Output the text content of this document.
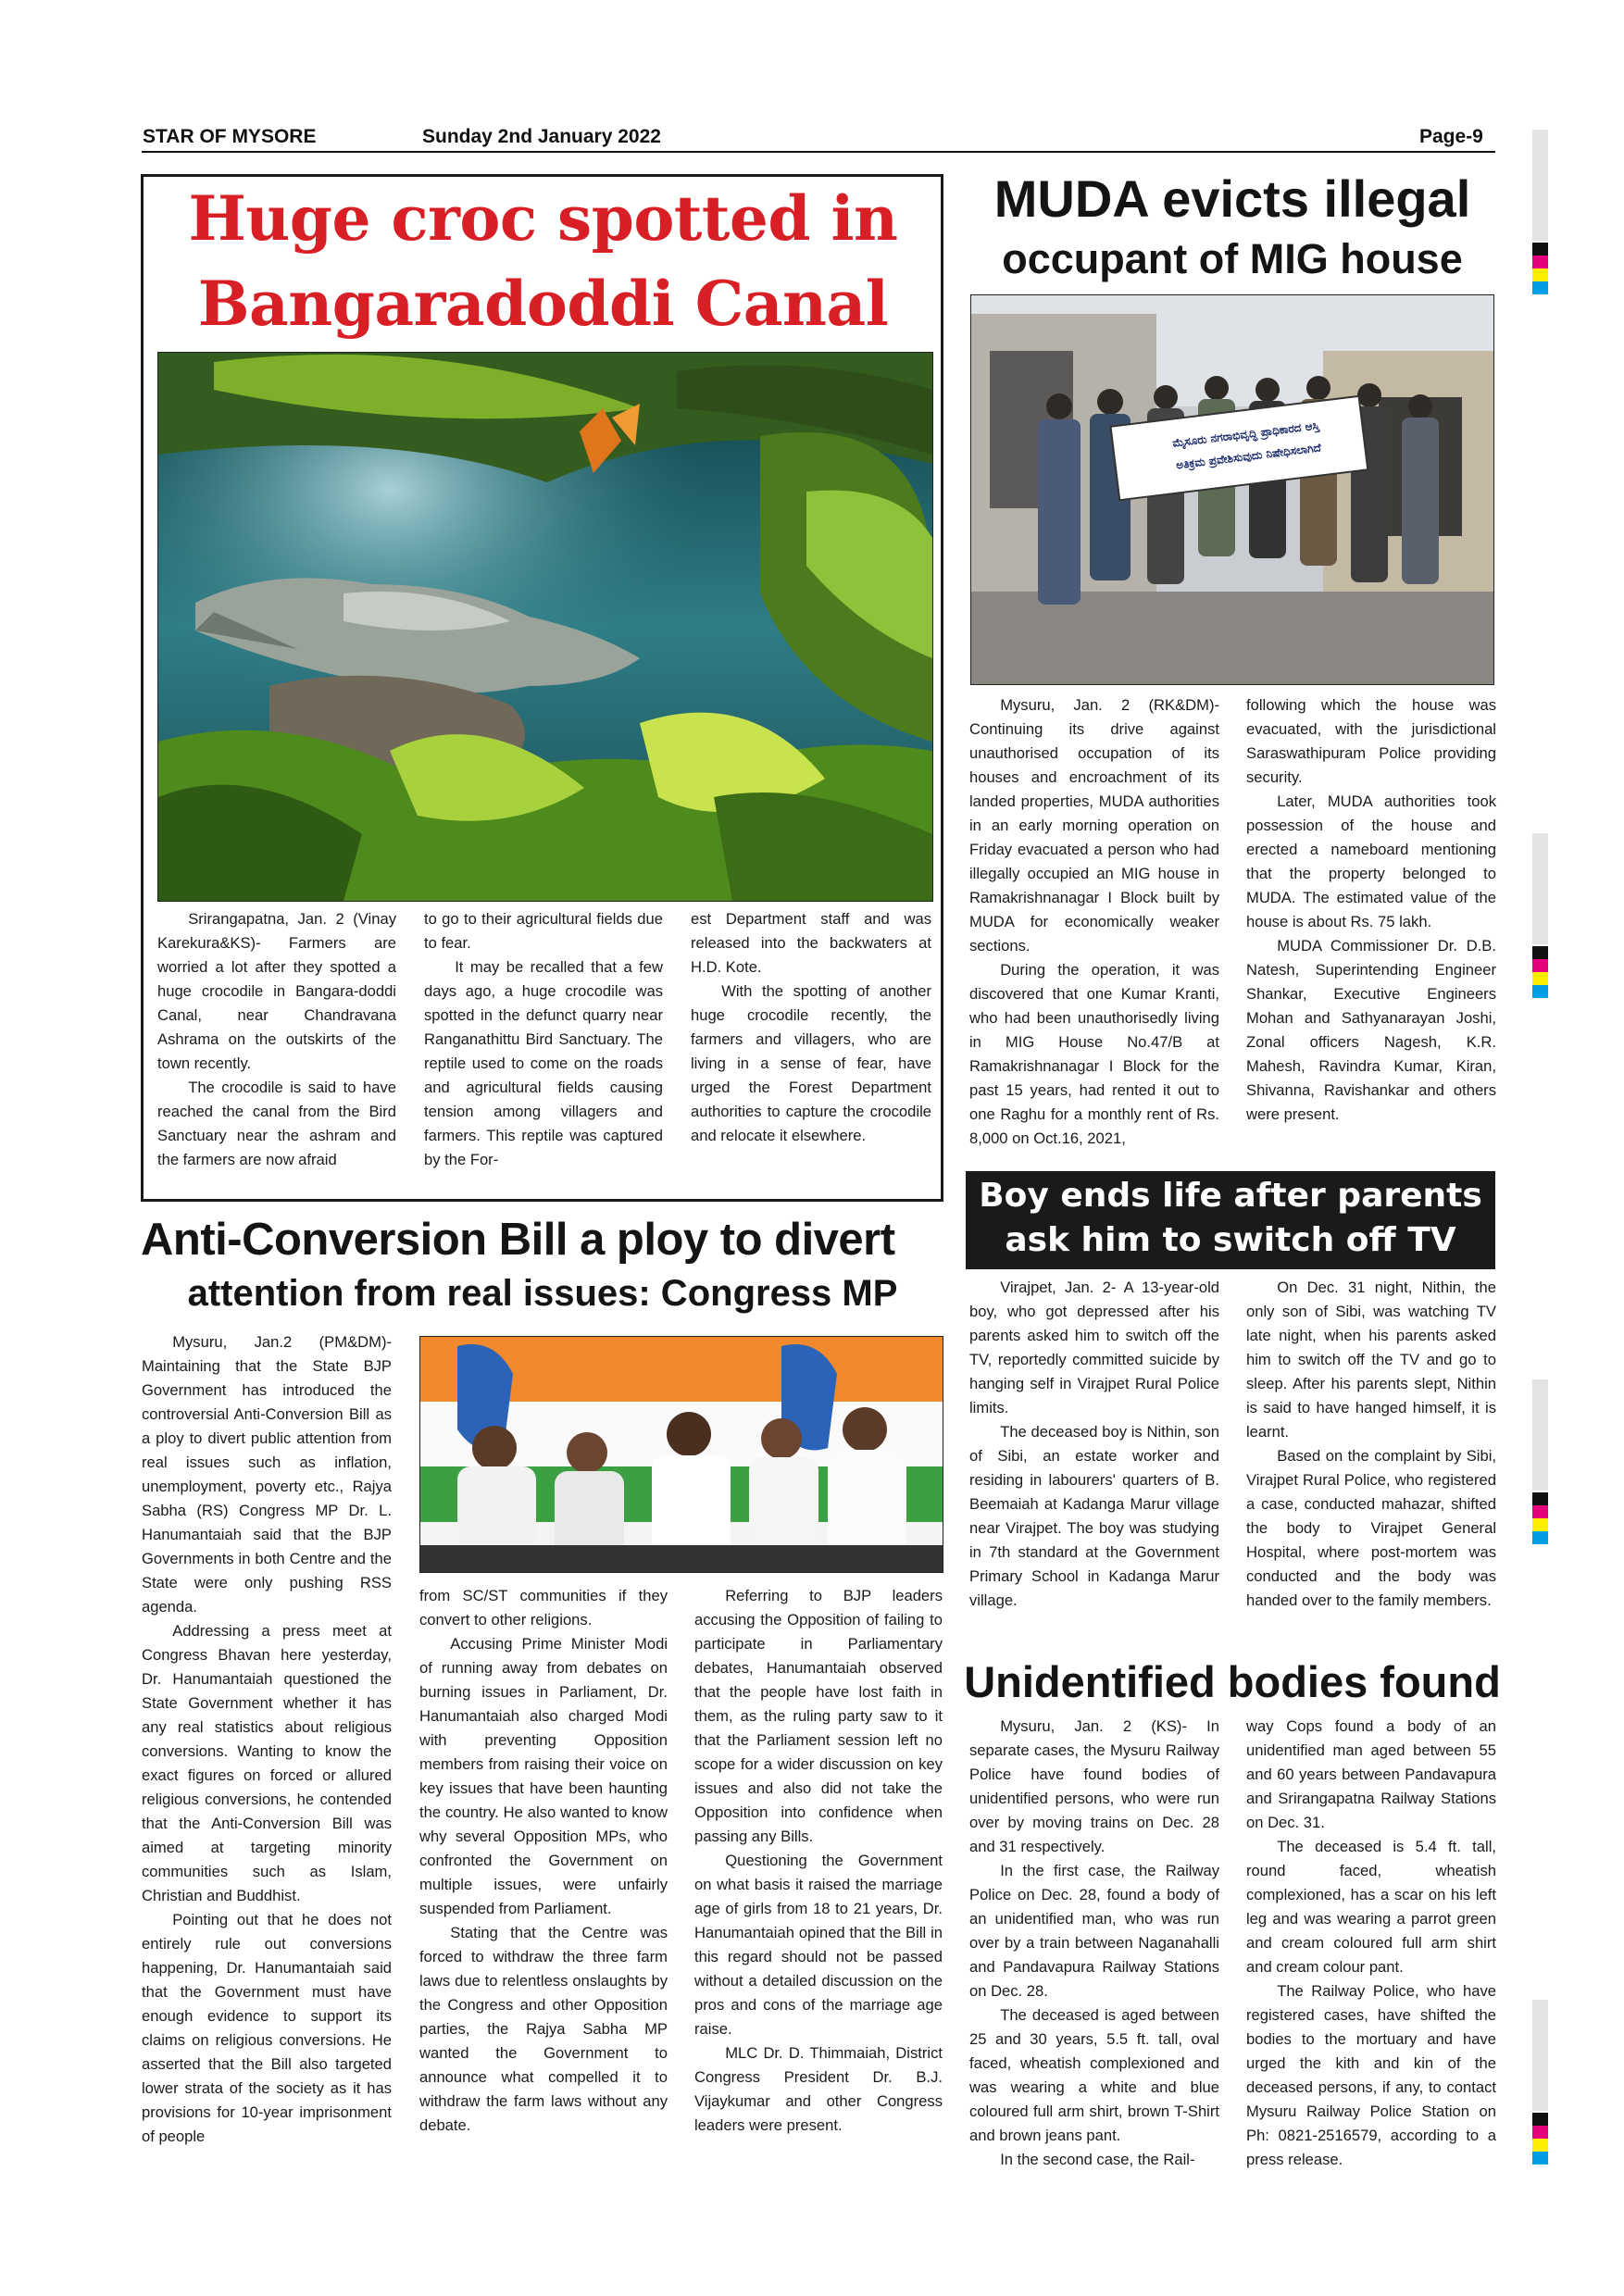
STAR OF MYSORE	Sunday 2nd January 2022	Page-9
Huge croc spotted in
Bangaradoddi Canal

Srirangapatna, Jan. 2 (Vinay Karekura&KS)- Farmers are worried a lot after they spotted a huge crocodile in Bangara-doddi Canal, near Chandravana Ashrama on the outskirts of the town recently.

The crocodile is said to have reached the canal from the Bird Sanctuary near the ashram and the farmers are now afraid

to go to their agricultural fields due to fear.

It may be recalled that a few days ago, a huge crocodile was spotted in the defunct quarry near Ranganathittu Bird Sanctuary. The reptile used to come on the roads and agricultural fields causing tension among villagers and farmers. This reptile was captured by the For-

est Department staff and was released into the backwaters at H.D. Kote.

With the spotting of another huge crocodile recently, the farmers and villagers, who are living in a sense of fear, have urged the Forest Department authorities to capture the crocodile and relocate it elsewhere.

MUDA evicts illegal
occupant of MIG house
ಮೈಸೂರು ನಗರಾಭಿವೃದ್ಧಿ ಪ್ರಾಧಿಕಾರದ ಆಸ್ತಿ
ಅತಿಕ್ರಮ ಪ್ರವೇಶಿಸುವುದು ನಿಷೇಧಿಸಲಾಗಿದೆ

Mysuru, Jan. 2 (RK&DM)- Continuing its drive against unauthorised occupation of its houses and encroachment of its landed properties, MUDA authorities in an early morning operation on Friday evacuated a person who had illegally occupied an MIG house in Ramakrishnanagar I Block built by MUDA for economically weaker sections.

During the operation, it was discovered that one Kumar Kranti, who had been unauthorisedly living in MIG House No.47/B at Ramakrishnanagar I Block for the past 15 years, had rented it out to one Raghu for a monthly rent of Rs. 8,000 on Oct.16, 2021,

following which the house was evacuated, with the jurisdictional Saraswathipuram Police providing security.

Later, MUDA authorities took possession of the house and erected a nameboard mentioning that the property belonged to MUDA. The estimated value of the house is about Rs. 75 lakh.

MUDA Commissioner Dr. D.B. Natesh, Superintending Engineer Shankar, Executive Engineers Mohan and Sathyanarayan Joshi, Zonal officers Nagesh, K.R. Mahesh, Ravindra Kumar, Kiran, Shivanna, Ravishankar and others were present.

Boy ends life after parents
ask him to switch off TV

Virajpet, Jan. 2- A 13-year-old boy, who got depressed after his parents asked him to switch off the TV, reportedly committed suicide by hanging self in Virajpet Rural Police limits.

The deceased boy is Nithin, son of Sibi, an estate worker and residing in labourers' quarters of B. Beemaiah at Kadanga Marur village near Virajpet. The boy was studying in 7th standard at the Government Primary School in Kadanga Marur village.

On Dec. 31 night, Nithin, the only son of Sibi, was watching TV late night, when his parents asked him to switch off the TV and go to sleep. After his parents slept, Nithin is said to have hanged himself, it is learnt.

Based on the complaint by Sibi, Virajpet Rural Police, who registered a case, conducted mahazar, shifted the body to Virajpet General Hospital, where post-mortem was conducted and the body was handed over to the family members.

Anti-Conversion Bill a ploy to divert
attention from real issues: Congress MP

Mysuru, Jan.2 (PM&DM)- Maintaining that the State BJP Government has introduced the controversial Anti-Conversion Bill as a ploy to divert public attention from real issues such as inflation, unemployment, poverty etc., Rajya Sabha (RS) Congress MP Dr. L. Hanumantaiah said that the BJP Governments in both Centre and the State were only pushing RSS agenda.

Addressing a press meet at Congress Bhavan here yesterday, Dr. Hanumantaiah questioned the State Government whether it has any real statistics about religious conversions. Wanting to know the exact figures on forced or allured religious conversions, he contended that the Anti-Conversion Bill was aimed at targeting minority communities such as Islam, Christian and Buddhist.

Pointing out that he does not entirely rule out conversions happening, Dr. Hanumantaiah said that the Government must have enough evidence to support its claims on religious conversions. He asserted that the Bill also targeted lower strata of the society as it has provisions for 10-year imprisonment of people

from SC/ST communities if they convert to other religions.

Accusing Prime Minister Modi of running away from debates on burning issues in Parliament, Dr. Hanumantaiah also charged Modi with preventing Opposition members from raising their voice on key issues that have been haunting the country. He also wanted to know why several Opposition MPs, who confronted the Government on multiple issues, were unfairly suspended from Parliament.

Stating that the Centre was forced to withdraw the three farm laws due to relentless onslaughts by the Congress and other Opposition parties, the Rajya Sabha MP wanted the Government to announce what compelled it to withdraw the farm laws without any debate.

Referring to BJP leaders accusing the Opposition of failing to participate in Parliamentary debates, Hanumantaiah observed that the people have lost faith in them, as the ruling party saw to it that the Parliament session left no scope for a wider discussion on key issues and also did not take the Opposition into confidence when passing any Bills.

Questioning the Government on what basis it raised the marriage age of girls from 18 to 21 years, Dr. Hanumantaiah opined that the Bill in this regard should not be passed without a detailed discussion on the pros and cons of the marriage age raise.

MLC Dr. D. Thimmaiah, District Congress President Dr. B.J. Vijaykumar and other Congress leaders were present.

Unidentified bodies found

Mysuru, Jan. 2 (KS)- In separate cases, the Mysuru Railway Police have found bodies of unidentified persons, who were run over by moving trains on Dec. 28 and 31 respectively.

In the first case, the Railway Police on Dec. 28, found a body of an unidentified man, who was run over by a train between Naganahalli and Pandavapura Railway Stations on Dec. 28.

The deceased is aged between 25 and 30 years, 5.5 ft. tall, oval faced, wheatish complexioned and was wearing a white and blue coloured full arm shirt, brown T-Shirt and brown jeans pant.

In the second case, the Rail-

way Cops found a body of an unidentified man aged between 55 and 60 years between Pandavapura and Srirangapatna Railway Stations on Dec. 31.

The deceased is 5.4 ft. tall, round faced, wheatish complexioned, has a scar on his left leg and was wearing a parrot green and cream coloured full arm shirt and cream colour pant.

The Railway Police, who have registered cases, have shifted the bodies to the mortuary and have urged the kith and kin of the deceased persons, if any, to contact Mysuru Railway Police Station on Ph: 0821-2516579, according to a press release.
